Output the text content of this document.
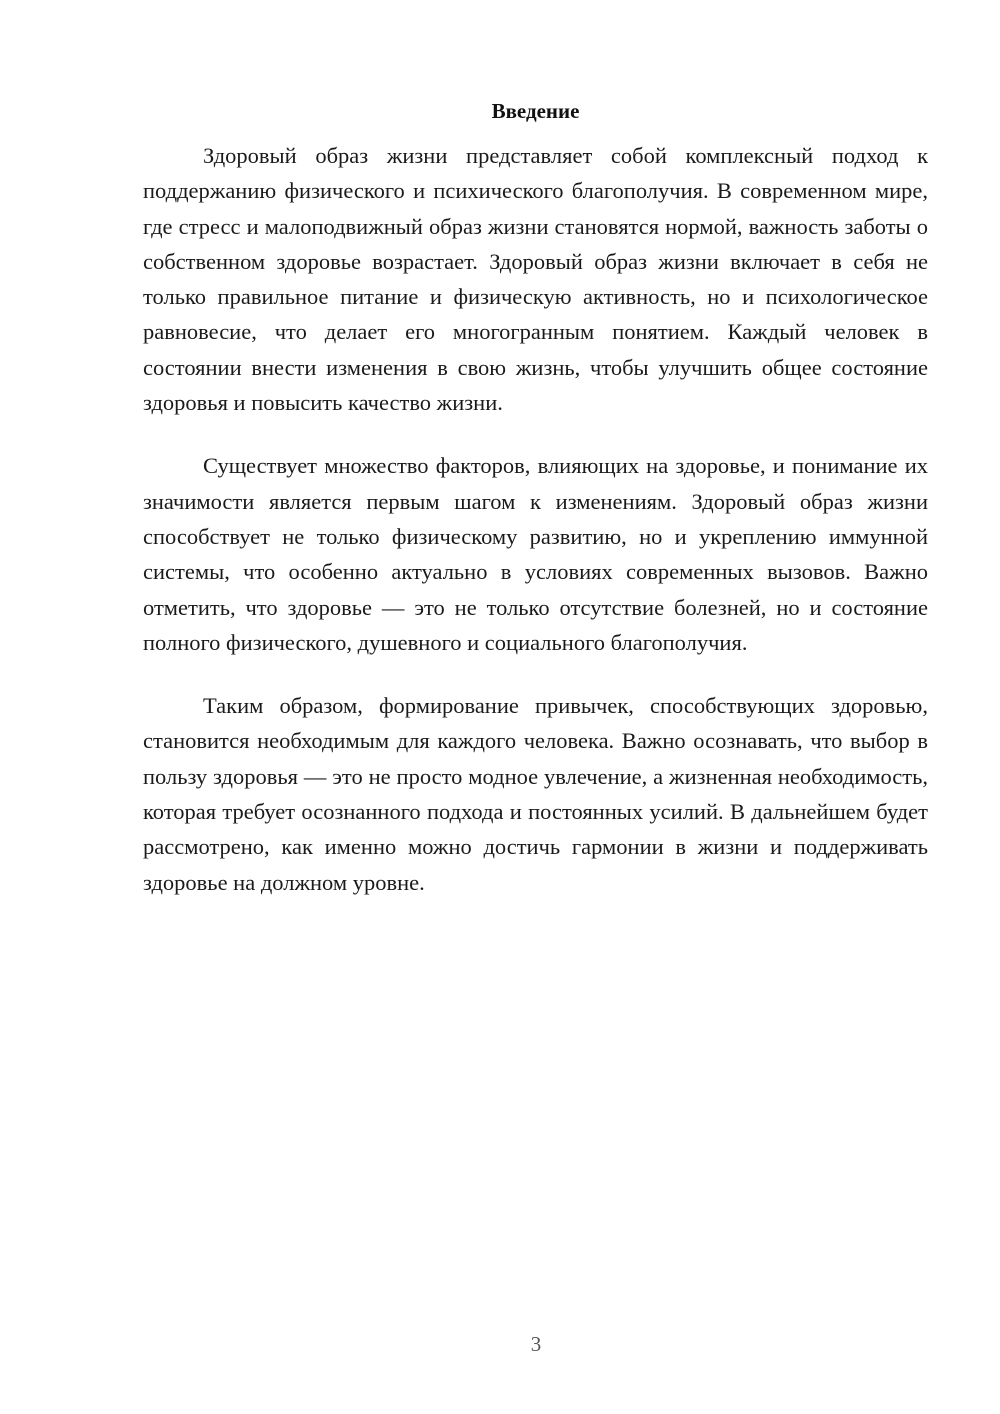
Введение

Здоровый образ жизни представляет собой комплексный подход к поддержанию физического и психического благополучия. В современном мире, где стресс и малоподвижный образ жизни становятся нормой, важность заботы о собственном здоровье возрастает. Здоровый образ жизни включает в себя не только правильное питание и физическую активность, но и психологическое равновесие, что делает его многогранным понятием. Каждый человек в состоянии внести изменения в свою жизнь, чтобы улучшить общее состояние здоровья и повысить качество жизни.

Существует множество факторов, влияющих на здоровье, и понимание их значимости является первым шагом к изменениям. Здоровый образ жизни способствует не только физическому развитию, но и укреплению иммунной системы, что особенно актуально в условиях современных вызовов. Важно отметить, что здоровье — это не только отсутствие болезней, но и состояние полного физического, душевного и социального благополучия.

Таким образом, формирование привычек, способствующих здоровью, становится необходимым для каждого человека. Важно осознавать, что выбор в пользу здоровья — это не просто модное увлечение, а жизненная необходимость, которая требует осознанного подхода и постоянных усилий. В дальнейшем будет рассмотрено, как именно можно достичь гармонии в жизни и поддерживать здоровье на должном уровне.

3
